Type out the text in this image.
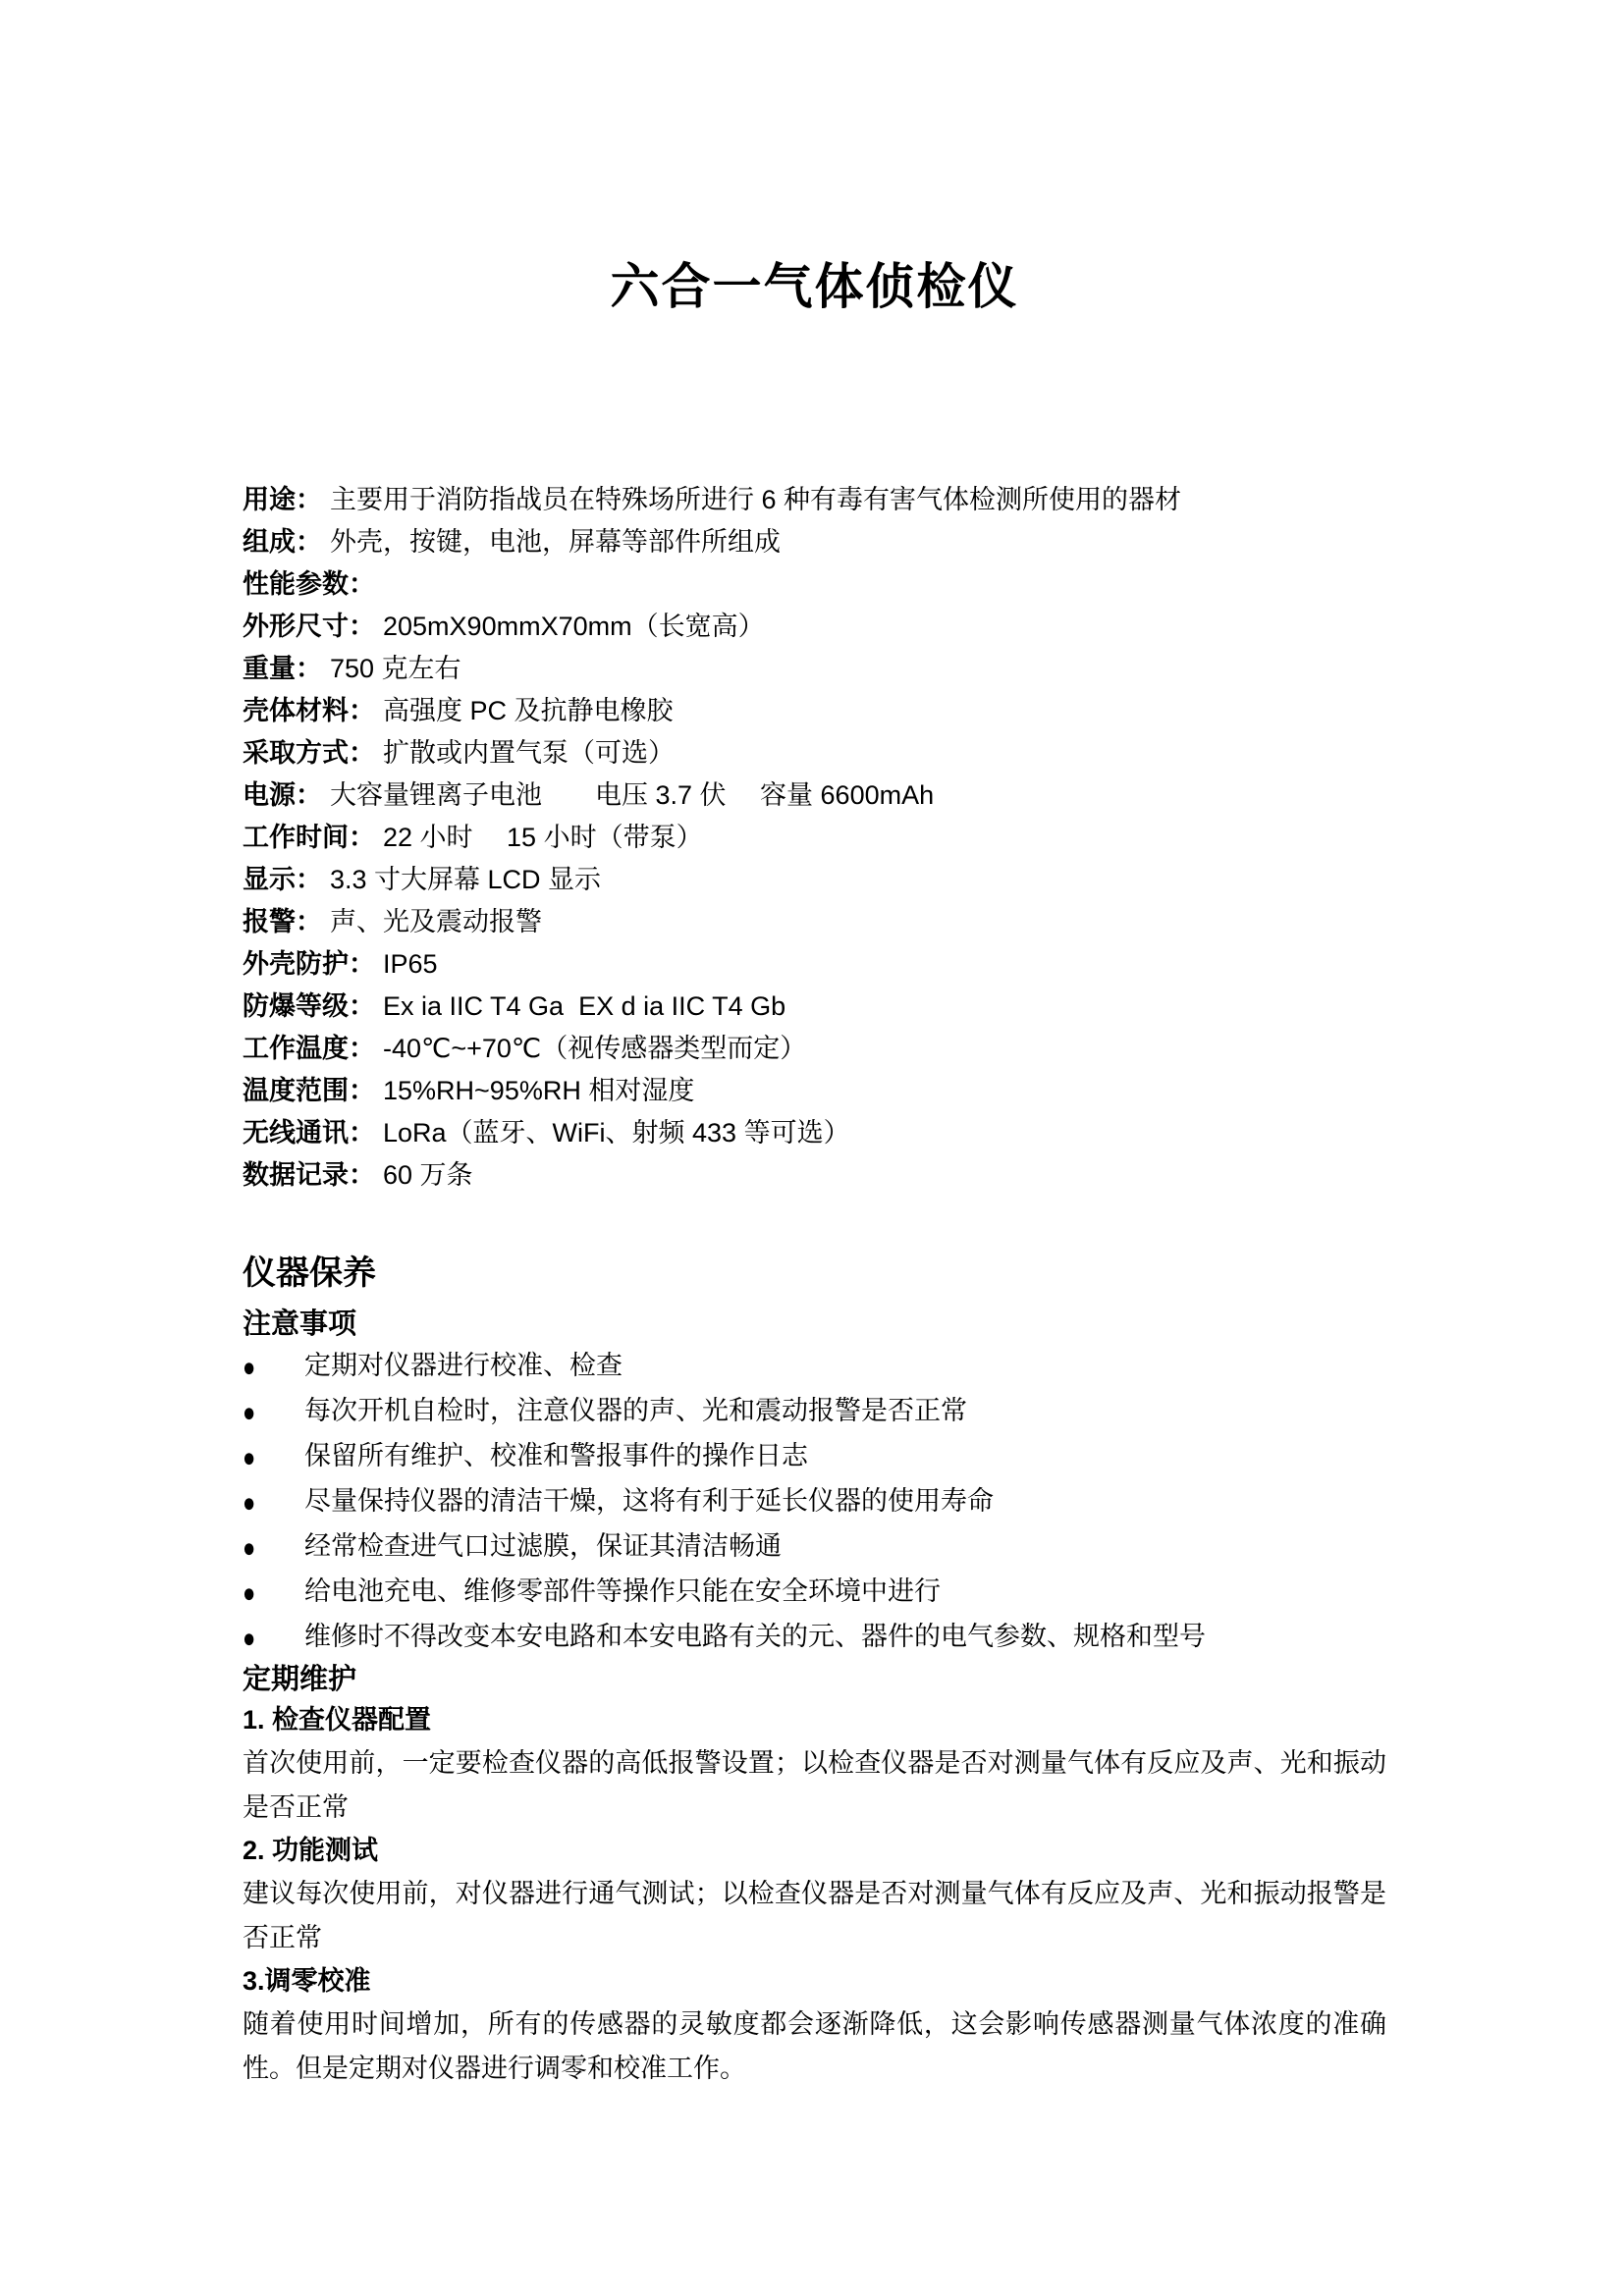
六合一气体侦检仪
用途： 主要用于消防指战员在特殊场所进行 6 种有毒有害气体检测所使用的器材
组成： 外壳，按键，电池，屏幕等部件所组成
性能参数：
外形尺寸： 205mX90mmX70mm（长宽高）
重量： 750 克左右
壳体材料： 高强度 PC 及抗静电橡胶
采取方式： 扩散或内置气泵（可选）
电源： 大容量锂离子电池　　电压 3.7 伏　 容量 6600mAh
工作时间： 22 小时　 15 小时（带泵）
显示： 3.3 寸大屏幕 LCD 显示
报警： 声、光及震动报警
外壳防护： IP65
防爆等级： Ex ia IIC T4 Ga  EX d ia IIC T4 Gb
工作温度： -40℃~+70℃（视传感器类型而定）
温度范围： 15%RH~95%RH 相对湿度
无线通讯： LoRa（蓝牙、WiFi、射频 433 等可选）
数据记录： 60 万条
仪器保养
注意事项
●	定期对仪器进行校准、检查
●	每次开机自检时，注意仪器的声、光和震动报警是否正常
●	保留所有维护、校准和警报事件的操作日志
●	尽量保持仪器的清洁干燥，这将有利于延长仪器的使用寿命
●	经常检查进气口过滤膜，保证其清洁畅通
●	给电池充电、维修零部件等操作只能在安全环境中进行
●	维修时不得改变本安电路和本安电路有关的元、器件的电气参数、规格和型号
定期维护
1. 检查仪器配置
首次使用前，一定要检查仪器的高低报警设置；以检查仪器是否对测量气体有反应及声、光和振动是否正常
2. 功能测试
建议每次使用前，对仪器进行通气测试；以检查仪器是否对测量气体有反应及声、光和振动报警是否正常
3.调零校准
随着使用时间增加，所有的传感器的灵敏度都会逐渐降低，这会影响传感器测量气体浓度的准确性。但是定期对仪器进行调零和校准工作。
